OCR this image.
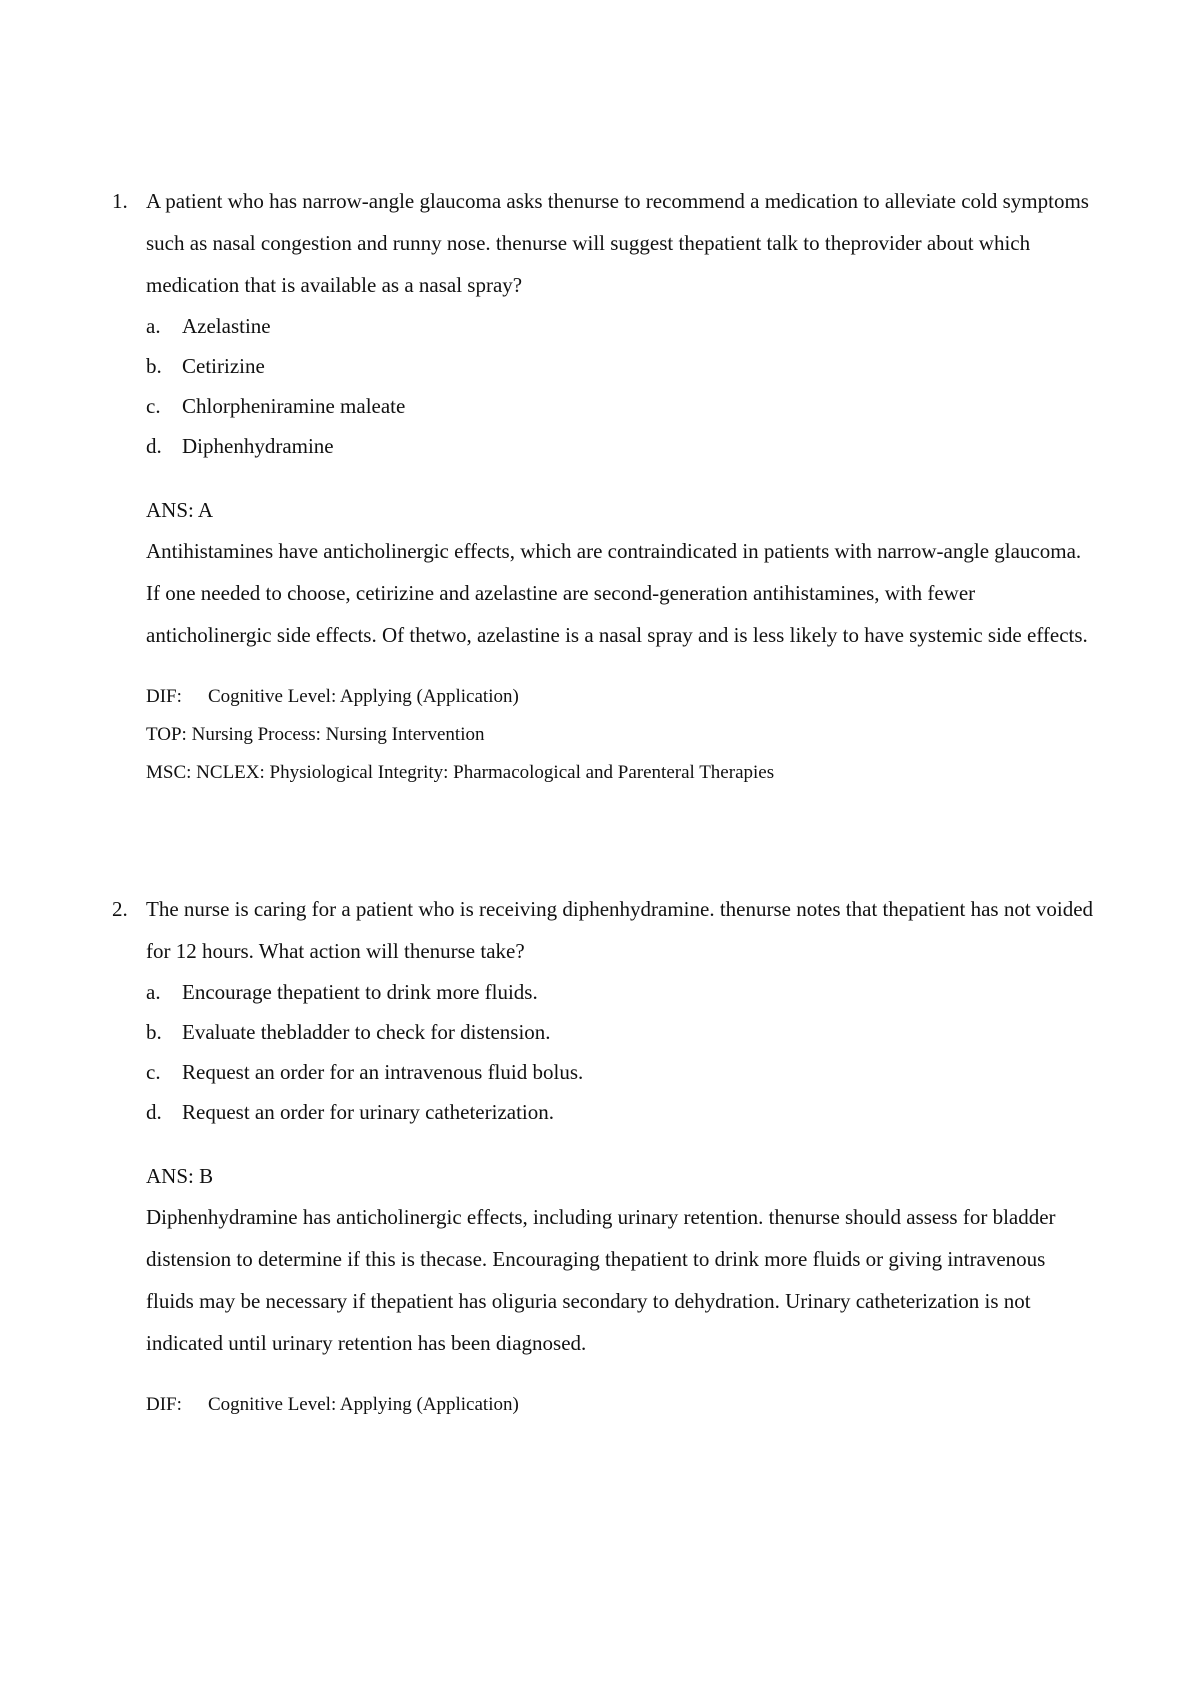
1. A patient who has narrow-angle glaucoma asks thenurse to recommend a medication to alleviate cold symptoms such as nasal congestion and runny nose. thenurse will suggest thepatient talk to theprovider about which medication that is available as a nasal spray?
a. Azelastine
b. Cetirizine
c. Chlorpheniramine maleate
d. Diphenhydramine
ANS: A
Antihistamines have anticholinergic effects, which are contraindicated in patients with narrow-angle glaucoma. If one needed to choose, cetirizine and azelastine are second-generation antihistamines, with fewer anticholinergic side effects. Of thetwo, azelastine is a nasal spray and is less likely to have systemic side effects.
DIF: Cognitive Level: Applying (Application)
TOP: Nursing Process: Nursing Intervention
MSC: NCLEX: Physiological Integrity: Pharmacological and Parenteral Therapies
2. The nurse is caring for a patient who is receiving diphenhydramine. thenurse notes that thepatient has not voided for 12 hours. What action will thenurse take?
a. Encourage thepatient to drink more fluids.
b. Evaluate thebladder to check for distension.
c. Request an order for an intravenous fluid bolus.
d. Request an order for urinary catheterization.
ANS: B
Diphenhydramine has anticholinergic effects, including urinary retention. thenurse should assess for bladder distension to determine if this is thecase. Encouraging thepatient to drink more fluids or giving intravenous fluids may be necessary if thepatient has oliguria secondary to dehydration. Urinary catheterization is not indicated until urinary retention has been diagnosed.
DIF: Cognitive Level: Applying (Application)
